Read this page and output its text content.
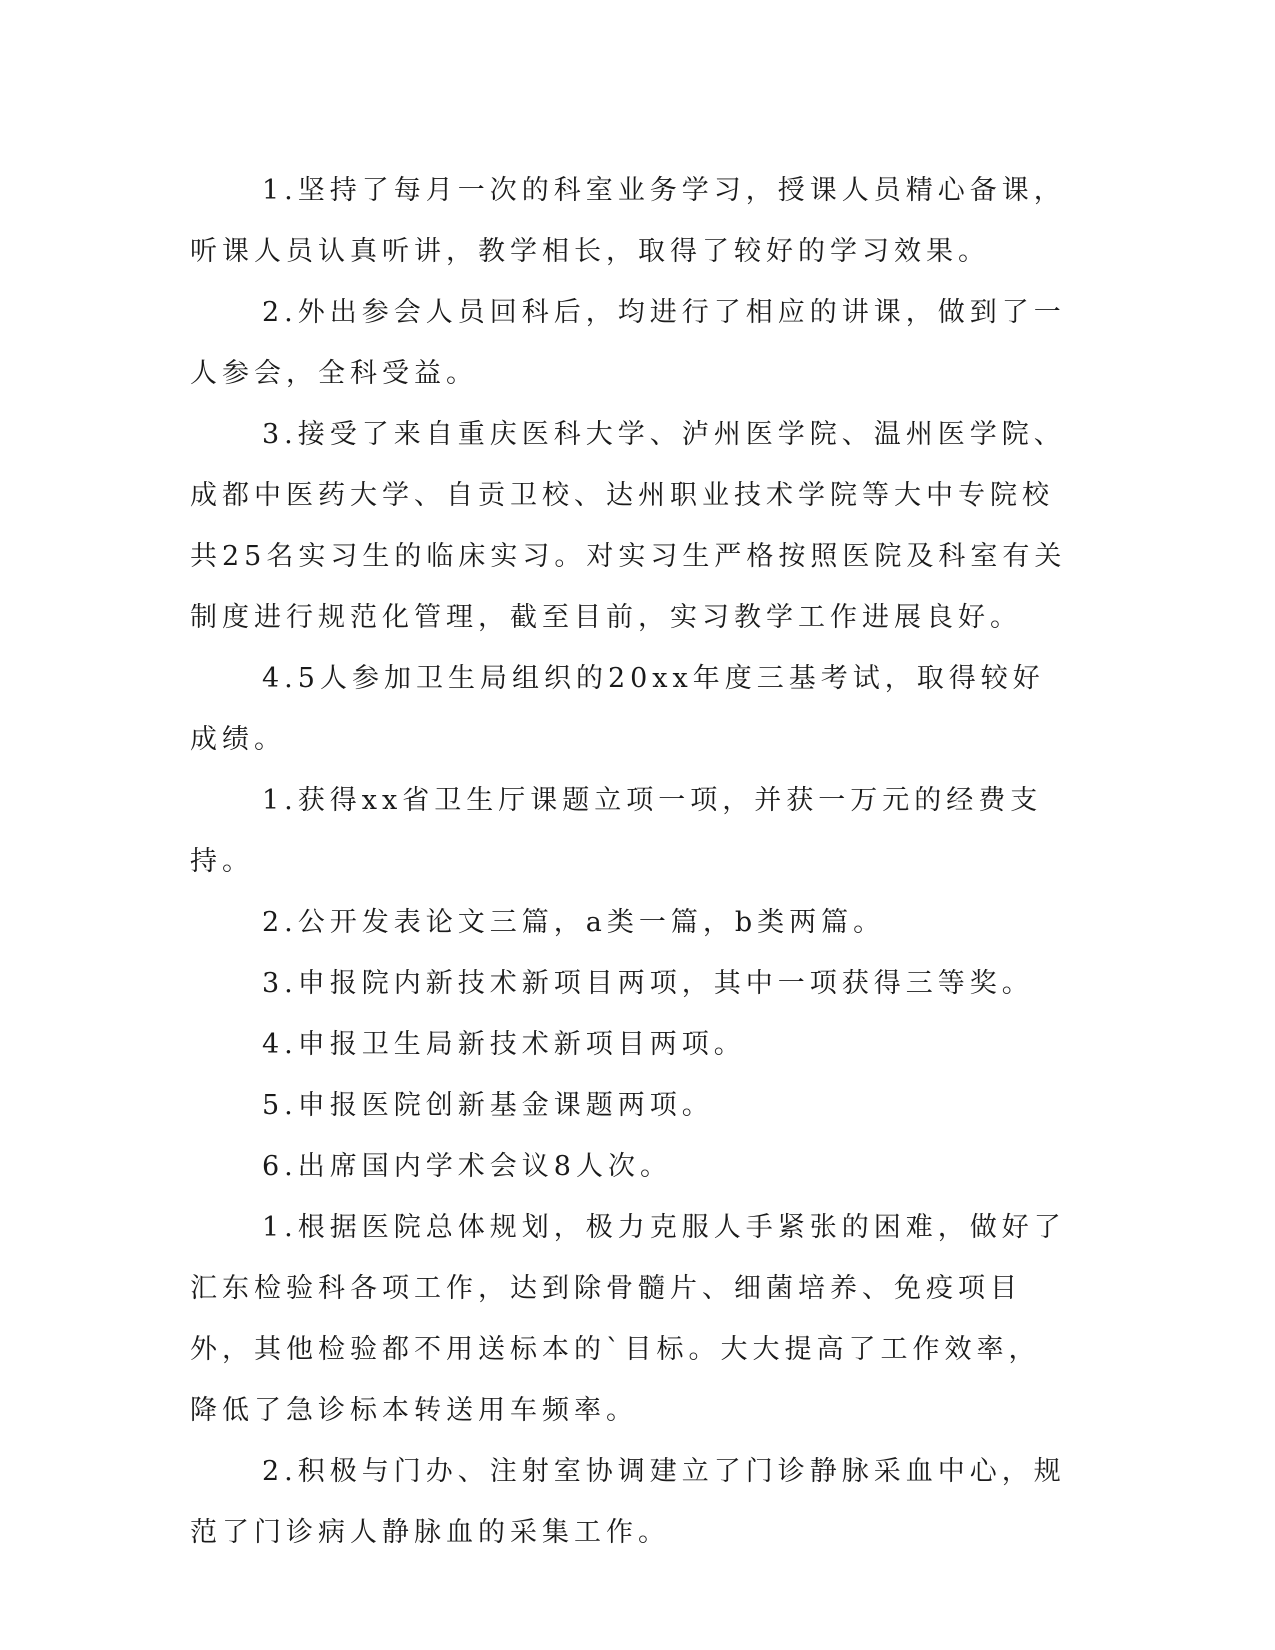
1.坚持了每月一次的科室业务学习，授课人员精心备课，听课人员认真听讲，教学相长，取得了较好的学习效果。

2.外出参会人员回科后，均进行了相应的讲课，做到了一人参会，全科受益。

3.接受了来自重庆医科大学、泸州医学院、温州医学院、成都中医药大学、自贡卫校、达州职业技术学院等大中专院校共25名实习生的临床实习。对实习生严格按照医院及科室有关制度进行规范化管理，截至目前，实习教学工作进展良好。

4.5人参加卫生局组织的20xx年度三基考试，取得较好成绩。

1.获得xx省卫生厅课题立项一项，并获一万元的经费支持。

2.公开发表论文三篇，a类一篇，b类两篇。

3.申报院内新技术新项目两项，其中一项获得三等奖。

4.申报卫生局新技术新项目两项。

5.申报医院创新基金课题两项。

6.出席国内学术会议8人次。

1.根据医院总体规划，极力克服人手紧张的困难，做好了汇东检验科各项工作，达到除骨髓片、细菌培养、免疫项目外，其他检验都不用送标本的`目标。大大提高了工作效率，降低了急诊标本转送用车频率。

2.积极与门办、注射室协调建立了门诊静脉采血中心，规范了门诊病人静脉血的采集工作。
